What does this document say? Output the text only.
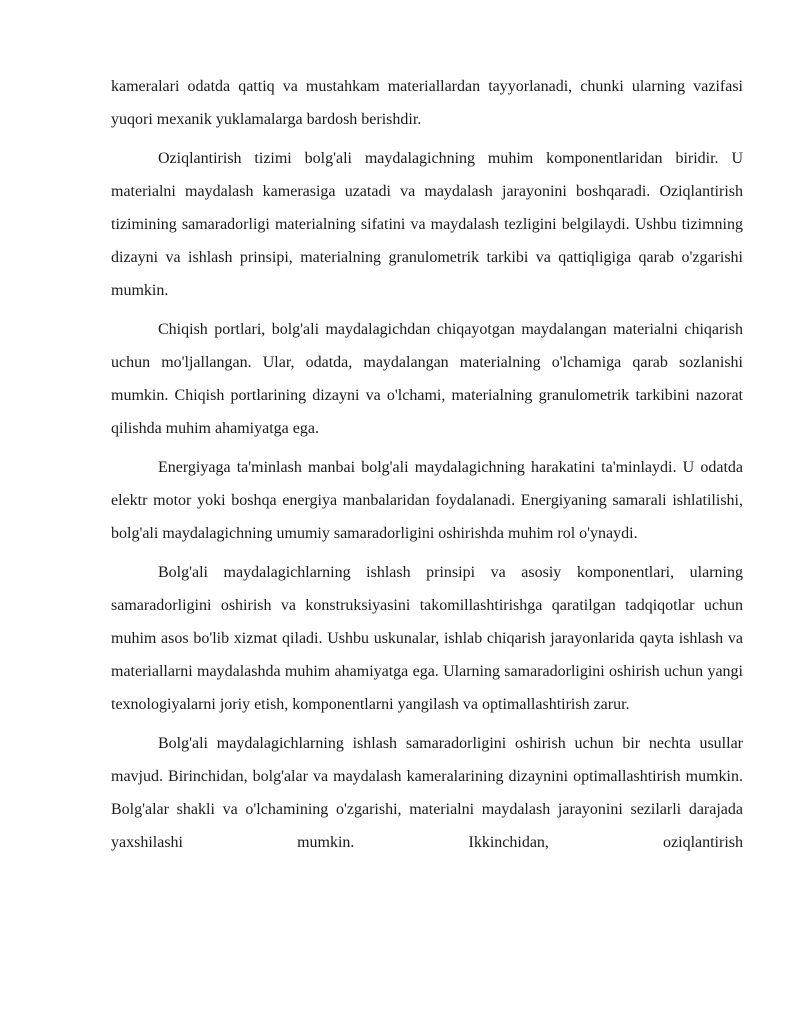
kameralari odatda qattiq va mustahkam materiallardan tayyorlanadi, chunki ularning vazifasi yuqori mexanik yuklamalarga bardosh berishdir.

Oziqlantirish tizimi bolg'ali maydalagichning muhim komponentlaridan biridir. U materialni maydalash kamerasiga uzatadi va maydalash jarayonini boshqaradi. Oziqlantirish tizimining samaradorligi materialning sifatini va maydalash tezligini belgilaydi. Ushbu tizimning dizayni va ishlash prinsipi, materialning granulometrik tarkibi va qattiqligiga qarab o'zgarishi mumkin.

Chiqish portlari, bolg'ali maydalagichdan chiqayotgan maydalangan materialni chiqarish uchun mo'ljallangan. Ular, odatda, maydalangan materialning o'lchamiga qarab sozlanishi mumkin. Chiqish portlarining dizayni va o'lchami, materialning granulometrik tarkibini nazorat qilishda muhim ahamiyatga ega.

Energiyaga ta'minlash manbai bolg'ali maydalagichning harakatini ta'minlaydi. U odatda elektr motor yoki boshqa energiya manbalaridan foydalanadi. Energiyaning samarali ishlatilishi, bolg'ali maydalagichning umumiy samaradorligini oshirishda muhim rol o'ynaydi.

Bolg'ali maydalagichlarning ishlash prinsipi va asosiy komponentlari, ularning samaradorligini oshirish va konstruksiyasini takomillashtirishga qaratilgan tadqiqotlar uchun muhim asos bo'lib xizmat qiladi. Ushbu uskunalar, ishlab chiqarish jarayonlarida qayta ishlash va materiallarni maydalashda muhim ahamiyatga ega. Ularning samaradorligini oshirish uchun yangi texnologiyalarni joriy etish, komponentlarni yangilash va optimallashtirish zarur.

Bolg'ali maydalagichlarning ishlash samaradorligini oshirish uchun bir nechta usullar mavjud. Birinchidan, bolg'alar va maydalash kameralarining dizaynini optimallashtirish mumkin. Bolg'alar shakli va o'lchamining o'zgarishi, materialni maydalash jarayonini sezilarli darajada yaxshilashi mumkin. Ikkinchidan, oziqlantirish
